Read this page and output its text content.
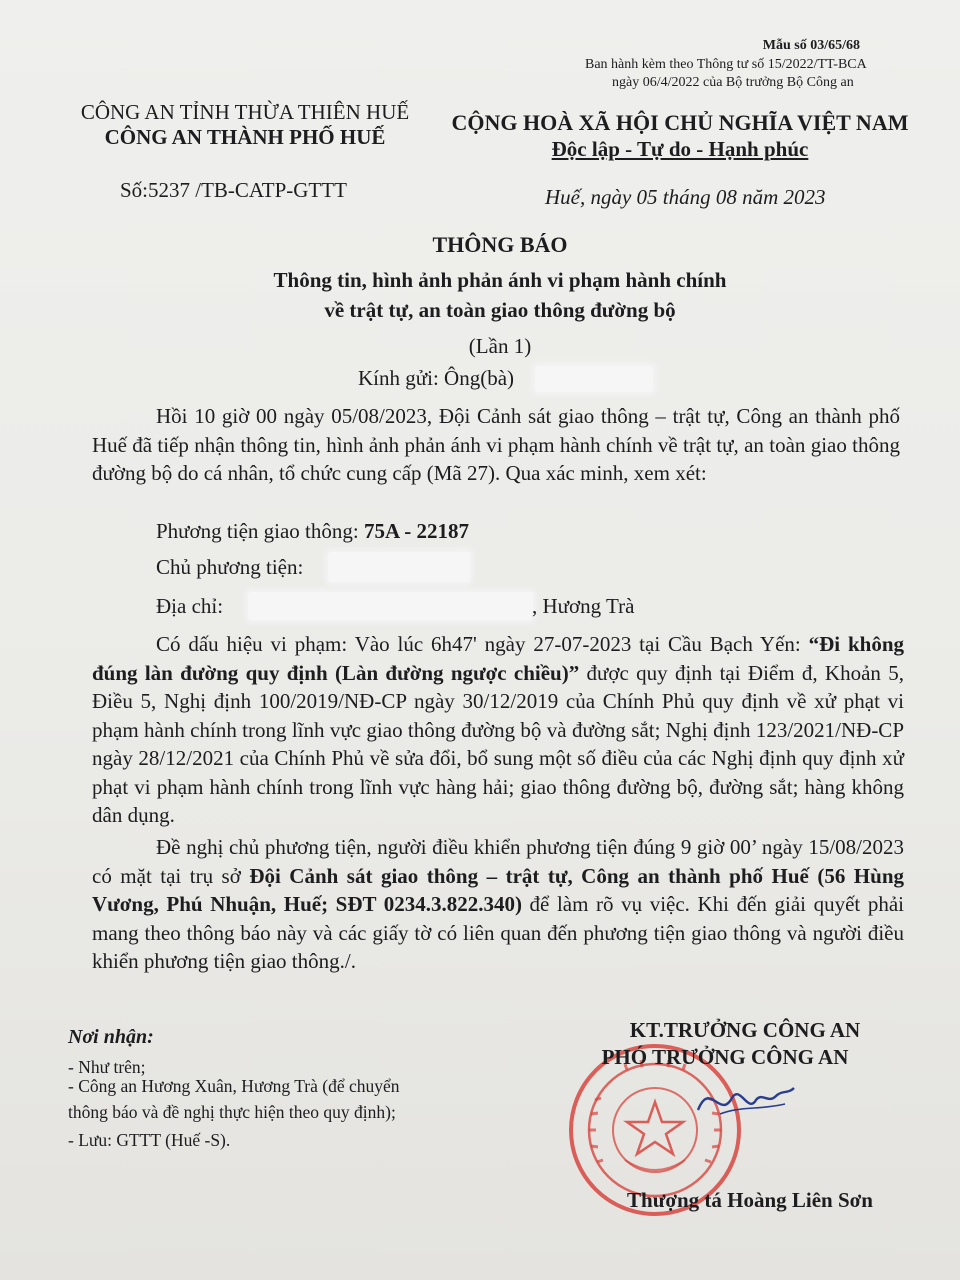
Mẫu số 03/65/68
Ban hành kèm theo Thông tư số 15/2022/TT-BCA
ngày 06/4/2022 của Bộ trưởng Bộ Công an
CÔNG AN TỈNH THỪA THIÊN HUẾ
CÔNG AN THÀNH PHỐ HUẾ
Số:5237 /TB-CATP-GTTT
CỘNG HOÀ XÃ HỘI CHỦ NGHĨA VIỆT NAM
Độc lập - Tự do - Hạnh phúc
Huế, ngày 05 tháng 08 năm 2023
THÔNG BÁO
Thông tin, hình ảnh phản ánh vi phạm hành chính
về trật tự, an toàn giao thông đường bộ
(Lần 1)
Kính gửi: Ông(bà)
Hồi 10 giờ 00 ngày 05/08/2023, Đội Cảnh sát giao thông – trật tự, Công an thành phố Huế đã tiếp nhận thông tin, hình ảnh phản ánh vi phạm hành chính về trật tự, an toàn giao thông đường bộ do cá nhân, tổ chức cung cấp (Mã 27). Qua xác minh, xem xét:
Phương tiện giao thông: 75A - 22187
Chủ phương tiện:
Địa chỉ:	, Hương Trà
Có dấu hiệu vi phạm: Vào lúc 6h47' ngày 27-07-2023 tại Cầu Bạch Yến: “Đi không đúng làn đường quy định (Làn đường ngược chiều)” được quy định tại Điểm đ, Khoản 5, Điều 5, Nghị định 100/2019/NĐ-CP ngày 30/12/2019 của Chính Phủ quy định về xử phạt vi phạm hành chính trong lĩnh vực giao thông đường bộ và đường sắt; Nghị định 123/2021/NĐ-CP ngày 28/12/2021 của Chính Phủ về sửa đổi, bổ sung một số điều của các Nghị định quy định xử phạt vi phạm hành chính trong lĩnh vực hàng hải; giao thông đường bộ, đường sắt; hàng không dân dụng.
Đề nghị chủ phương tiện, người điều khiển phương tiện đúng 9 giờ 00’ ngày 15/08/2023 có mặt tại trụ sở Đội Cảnh sát giao thông – trật tự, Công an thành phố Huế (56 Hùng Vương, Phú Nhuận, Huế; SĐT 0234.3.822.340) để làm rõ vụ việc. Khi đến giải quyết phải mang theo thông báo này và các giấy tờ có liên quan đến phương tiện giao thông và người điều khiển phương tiện giao thông./.
Nơi nhận:
- Như trên;
- Công an Hương Xuân, Hương Trà (để chuyển
thông báo và đề nghị thực hiện theo quy định);
- Lưu: GTTT (Huế -S).
KT.TRƯỞNG CÔNG AN
PHÓ TRƯỞNG CÔNG AN
Thượng tá Hoàng Liên Sơn
